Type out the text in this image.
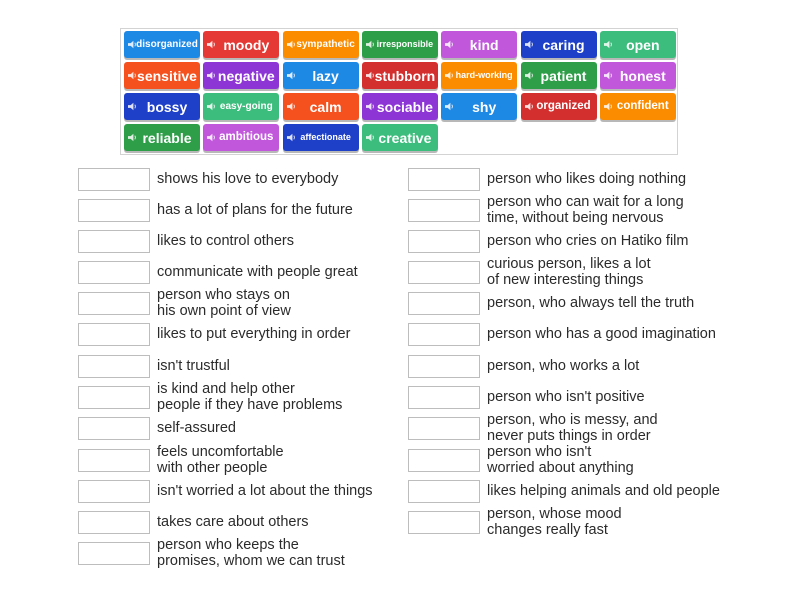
disorganized moody	sympathetic irresponsible	kind	caring	open
sensitive negative	lazy	stubborn hard-working patient honest
bossy	easy-going	calm	sociable	shy	organized confident
reliable ambitious	affectionate creative
shows his love to everybody
has a lot of plans for the future
likes to control others
communicate with people great
person who stays on
his own point of view
likes to put everything in order
isn't trustful
is kind and help other
people if they have problems
self-assured
feels uncomfortable
with other people
isn't worried a lot about the things
takes care about others
person who keeps the
promises, whom we can trust
person who likes doing nothing
person who can wait for a long
time, without being nervous
person who cries on Hatiko film
curious person, likes a lot
of new interesting things
person, who always tell the truth
person who has a good imagination
person, who works a lot
person who isn't positive
person, who is messy, and
never puts things in order
person who isn't
worried about anything
likes helping animals and old people
person, whose mood
changes really fast
